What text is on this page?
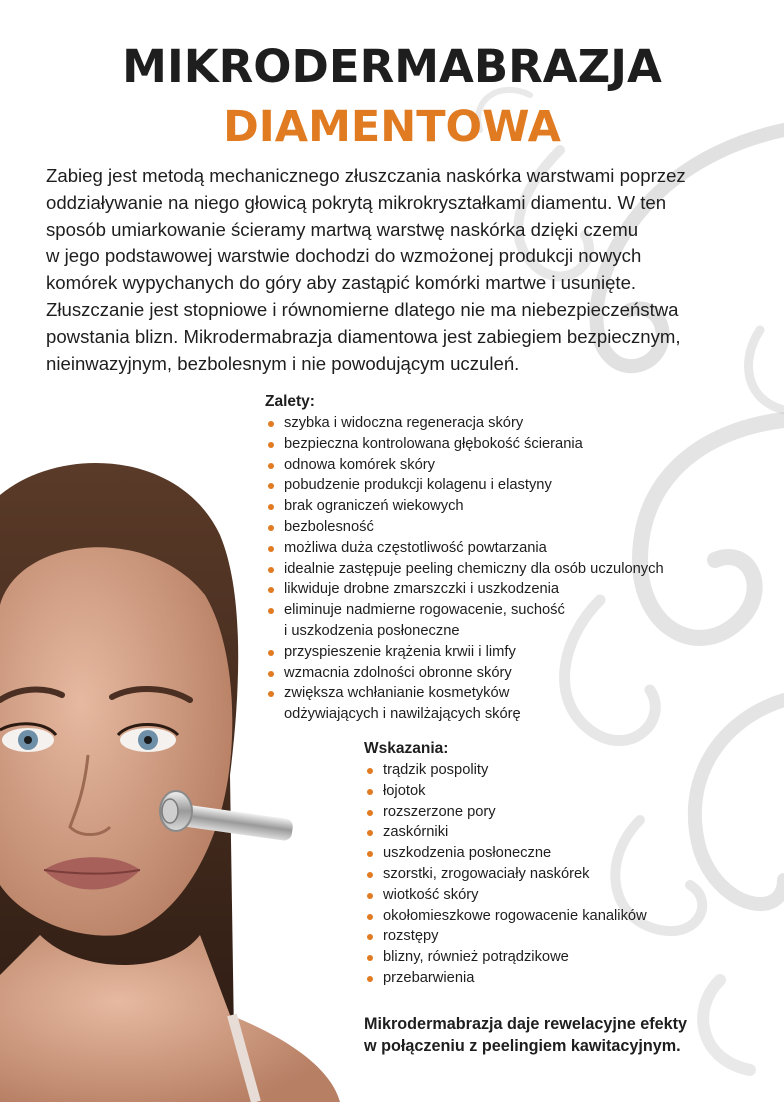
MIKRODERMABRAZJA
DIAMENTOWA
Zabieg jest metodą mechanicznego złuszczania naskórka warstwami poprzez
oddziaływanie na niego głowicą pokrytą mikrokryształkami diamentu. W ten
sposób umiarkowanie ścieramy martwą warstwę naskórka dzięki czemu
w jego podstawowej warstwie dochodzi do wzmożonej produkcji nowych
komórek wypychanych do góry aby zastąpić komórki martwe i usunięte.
Złuszczanie jest stopniowe i równomierne dlatego nie ma niebezpieczeństwa
powstania blizn. Mikrodermabrazja diamentowa jest zabiegiem bezpiecznym,
nieinwazyjnym, bezbolesnym i nie powodującym uczuleń.
Zalety:
szybka i widoczna regeneracja skóry
bezpieczna kontrolowana głębokość ścierania
odnowa komórek skóry
pobudzenie produkcji kolagenu i elastyny
brak ograniczeń wiekowych
bezbolesność
możliwa duża częstotliwość powtarzania
idealnie zastępuje peeling chemiczny dla osób uczulonych
likwiduje drobne zmarszczki i uszkodzenia
eliminuje nadmierne rogowacenie, suchość
i uszkodzenia posłoneczne
przyspieszenie krążenia krwii i limfy
wzmacnia zdolności obronne skóry
zwiększa wchłanianie kosmetyków
odżywiających i nawilżających skórę
Wskazania:
trądzik pospolity
łojotok
rozszerzone pory
zaskórniki
uszkodzenia posłoneczne
szorstki, zrogowaciały naskórek
wiotkość skóry
okołomieszkowe rogowacenie kanalików
rozstępy
blizny, również potrądzikowe
przebarwienia
Mikrodermabrazja daje rewelacyjne efekty
w połączeniu z peelingiem kawitacyjnym.
